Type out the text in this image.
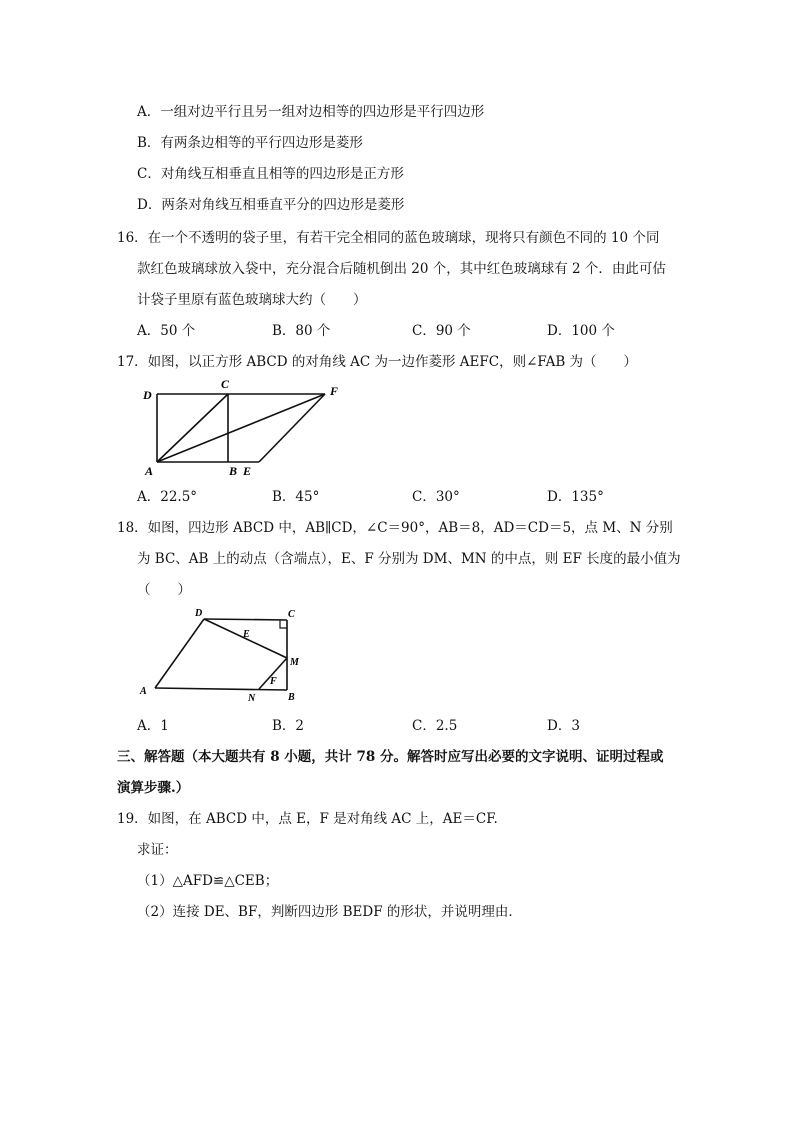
A．一组对边平行且另一组对边相等的四边形是平行四边形
B．有两条边相等的平行四边形是菱形
C．对角线互相垂直且相等的四边形是正方形
D．两条对角线互相垂直平分的四边形是菱形
16．在一个不透明的袋子里，有若干完全相同的蓝色玻璃球，现将只有颜色不同的 10 个同
款红色玻璃球放入袋中，充分混合后随机倒出 20 个，其中红色玻璃球有 2 个．由此可估
计袋子里原有蓝色玻璃球大约（　　）
A．50 个	B．80 个	C．90 个	D．100 个
17．如图，以正方形 ABCD 的对角线 AC 为一边作菱形 AEFC，则∠FAB 为（　　）
D
C	F
A	B E
A．22.5°	B．45°	C．30°	D．135°
18．如图，四边形 ABCD 中，AB∥CD，∠C＝90°，AB＝8，AD＝CD＝5，点 M、N 分别
为 BC、AB 上的动点（含端点），E、F 分别为 DM、MN 的中点，则 EF 长度的最小值为
（　　）
D	C
E
M
F
A
N	B
A．1	B．2	C．2.5	D．3
三、解答题（本大题共有 8 小题，共计 78 分。解答时应写出必要的文字说明、证明过程或
演算步骤.）
19．如图，在 ABCD 中，点 E，F 是对角线 AC 上，AE＝CF.
求证：
（1）△AFD≌△CEB；
（2）连接 DE、BF，判断四边形 BEDF 的形状，并说明理由．
